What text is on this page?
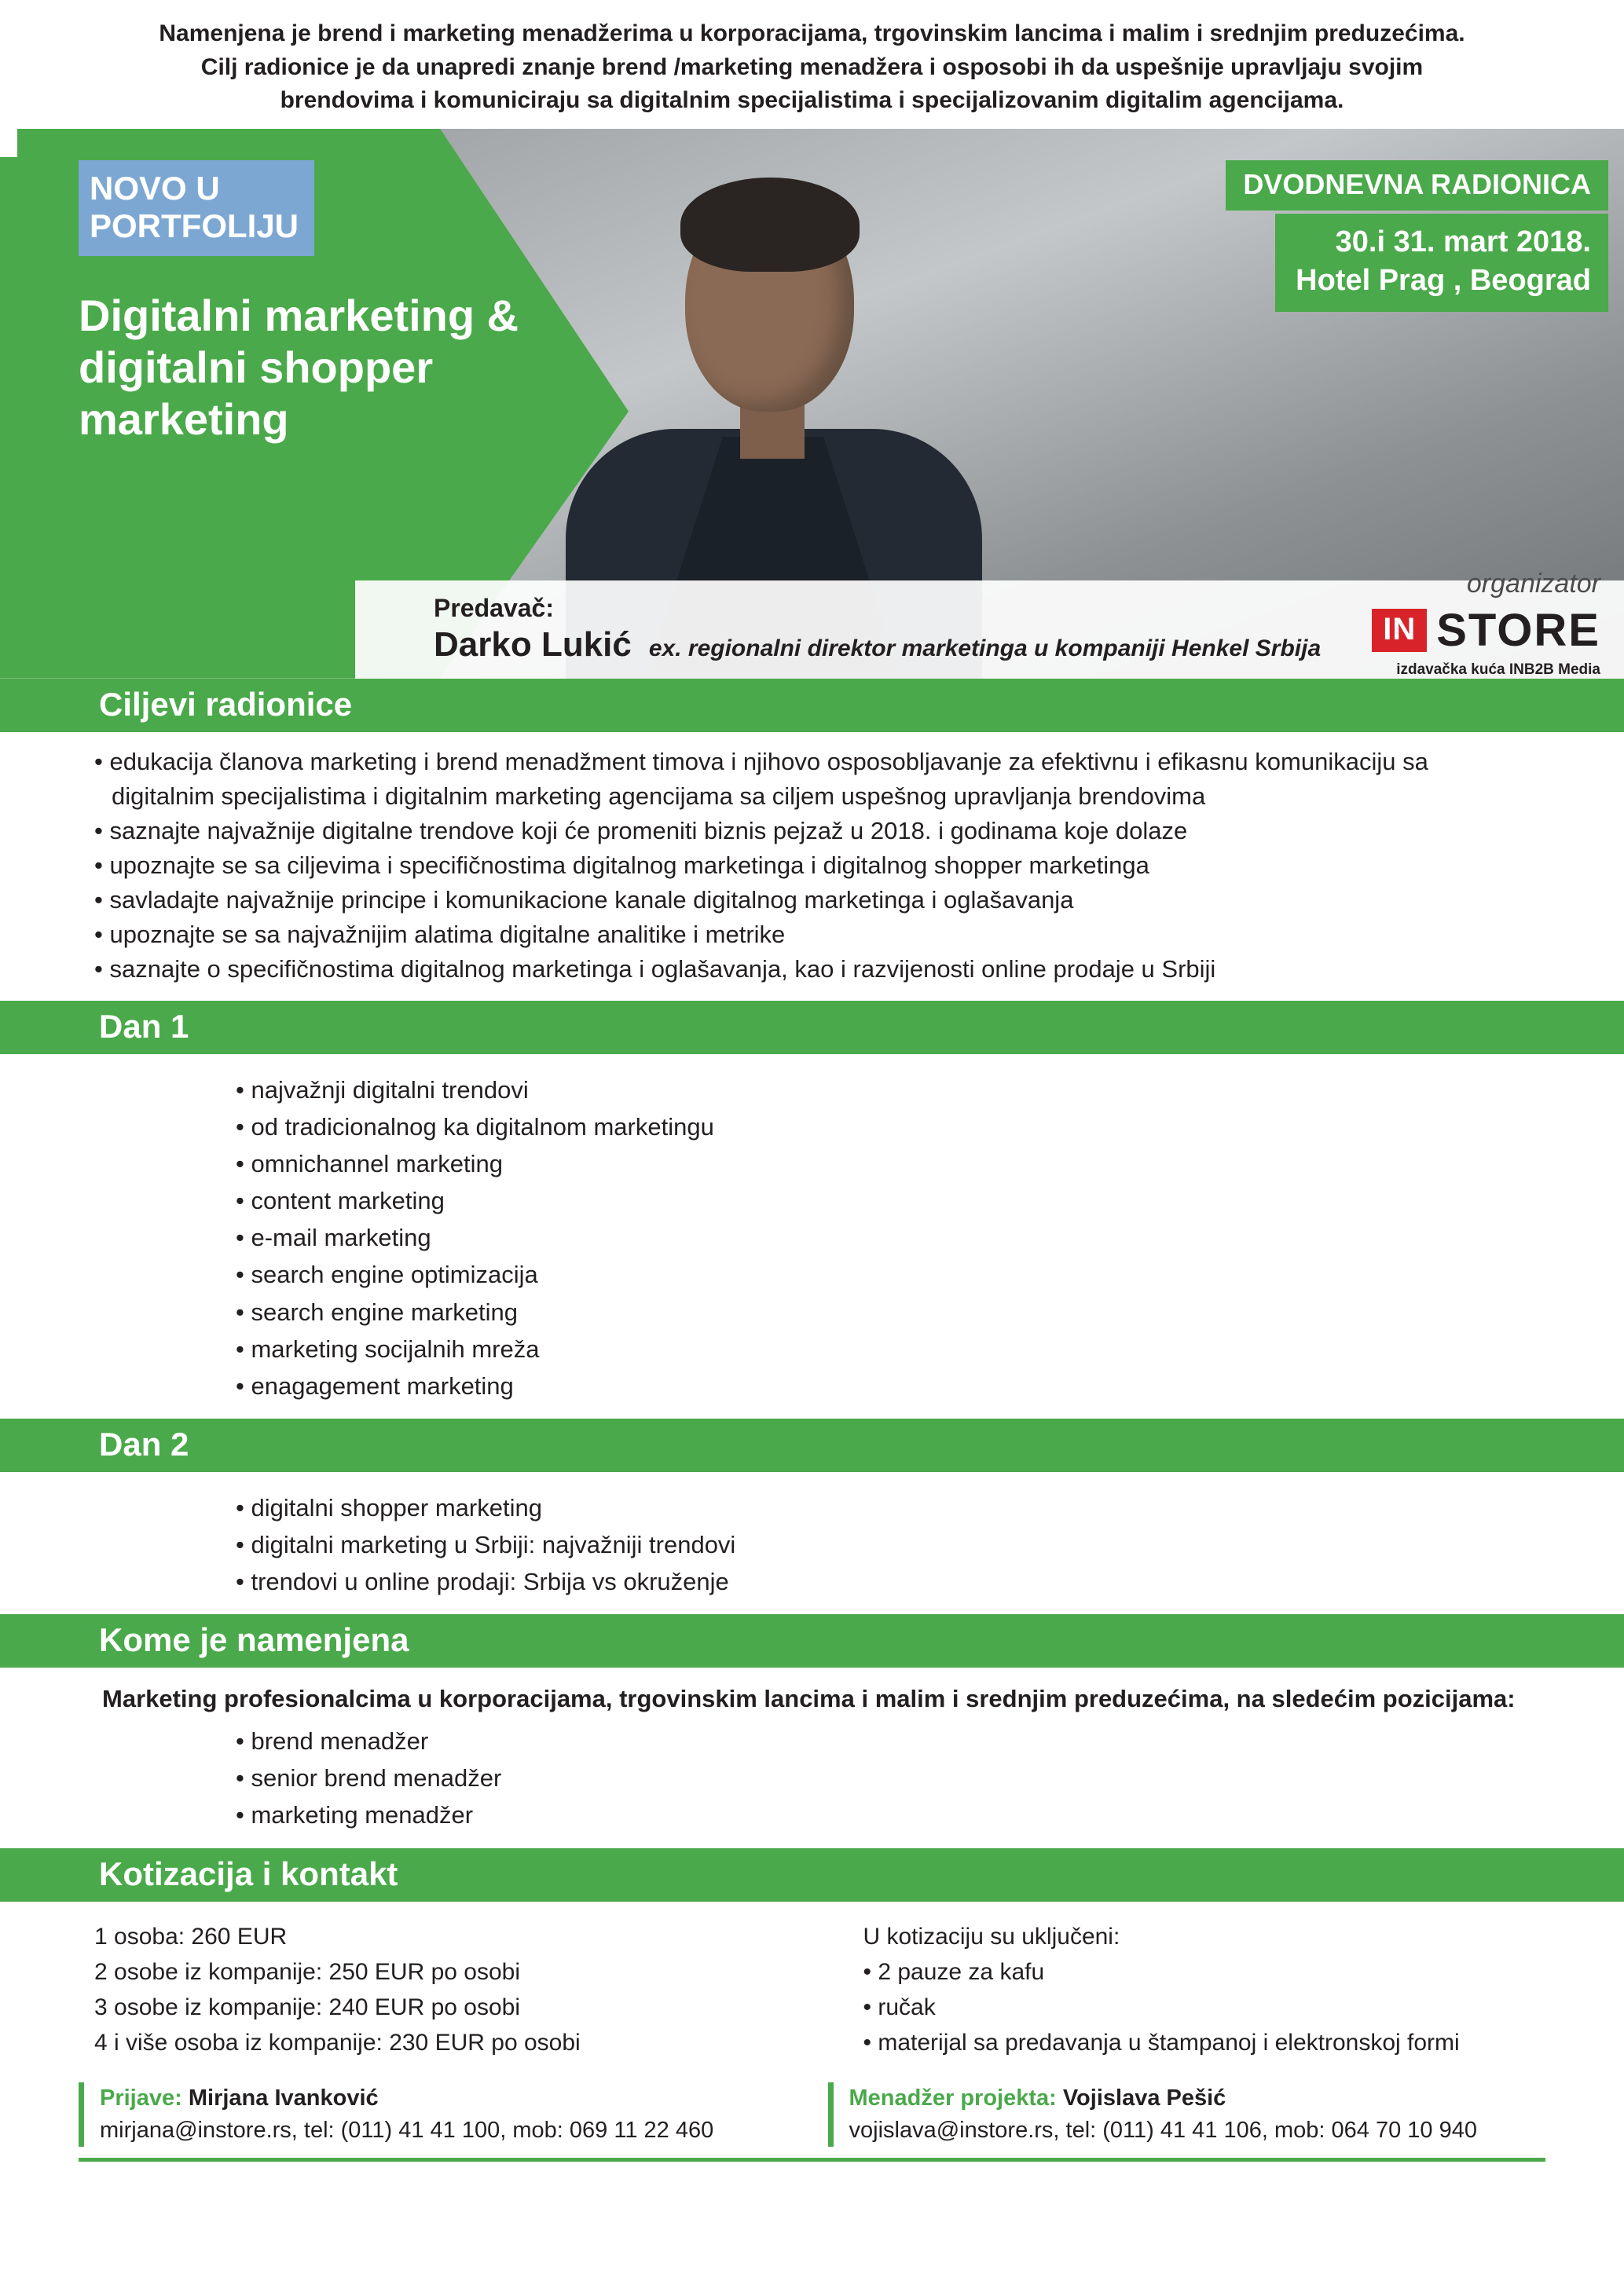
Namenjena je brend i marketing menadžerima u korporacijama, trgovinskim lancima i malim i srednjim preduzećima.
Cilj radionice je da unapredi znanje brend /marketing menadžera i osposobi ih da uspešnije upravljaju svojim
brendovima i komuniciraju sa digitalnim specijalistima i specijalizovanim digitalim agencijama.
NOVO U
PORTFOLIJU
Digitalni marketing & digitalni shopper marketing
DVODNEVNA RADIONICA
30.i 31. mart 2018.
Hotel Prag , Beograd
organizator
IN STORE
izdavačka kuća INB2B Media
Predavač:
Darko Lukić ex. regionalni direktor marketinga u kompaniji Henkel Srbija
Ciljevi radionice
• edukacija članova marketing i brend menadžment timova i njihovo osposobljavanje za efektivnu i efikasnu komunikaciju sa
digitalnim specijalistima i digitalnim marketing agencijama sa ciljem uspešnog upravljanja brendovima
• saznajte najvažnije digitalne trendove koji će promeniti biznis pejzaž u 2018. i godinama koje dolaze
• upoznajte se sa ciljevima i specifičnostima digitalnog marketinga i digitalnog shopper marketinga
• savladajte najvažnije principe i komunikacione kanale digitalnog marketinga i oglašavanja
• upoznajte se sa najvažnijim alatima digitalne analitike i metrike
• saznajte o specifičnostima digitalnog marketinga i oglašavanja, kao i razvijenosti online prodaje u Srbiji
Dan 1
• najvažnji digitalni trendovi
• od tradicionalnog ka digitalnom marketingu
• omnichannel marketing
• content marketing
• e-mail marketing
• search engine optimizacija
• search engine marketing
• marketing socijalnih mreža
• enagagement marketing
Dan 2
• digitalni shopper marketing
• digitalni marketing u Srbiji: najvažniji trendovi
• trendovi u online prodaji: Srbija vs okruženje
Kome je namenjena
Marketing profesionalcima u korporacijama, trgovinskim lancima i malim i srednjim preduzećima, na sledećim pozicijama:
• brend menadžer
• senior brend menadžer
• marketing menadžer
Kotizacija i kontakt
1 osoba: 260 EUR
2 osobe iz kompanije: 250 EUR po osobi
3 osobe iz kompanije: 240 EUR po osobi
4 i više osoba iz kompanije: 230 EUR po osobi
U kotizaciju su uključeni:
• 2 pauze za kafu
• ručak
• materijal sa predavanja u štampanoj i elektronskoj formi
Prijave: Mirjana Ivanković
mirjana@instore.rs, tel: (011) 41 41 100, mob: 069 11 22 460
Menadžer projekta: Vojislava Pešić
vojislava@instore.rs, tel: (011) 41 41 106, mob: 064 70 10 940
